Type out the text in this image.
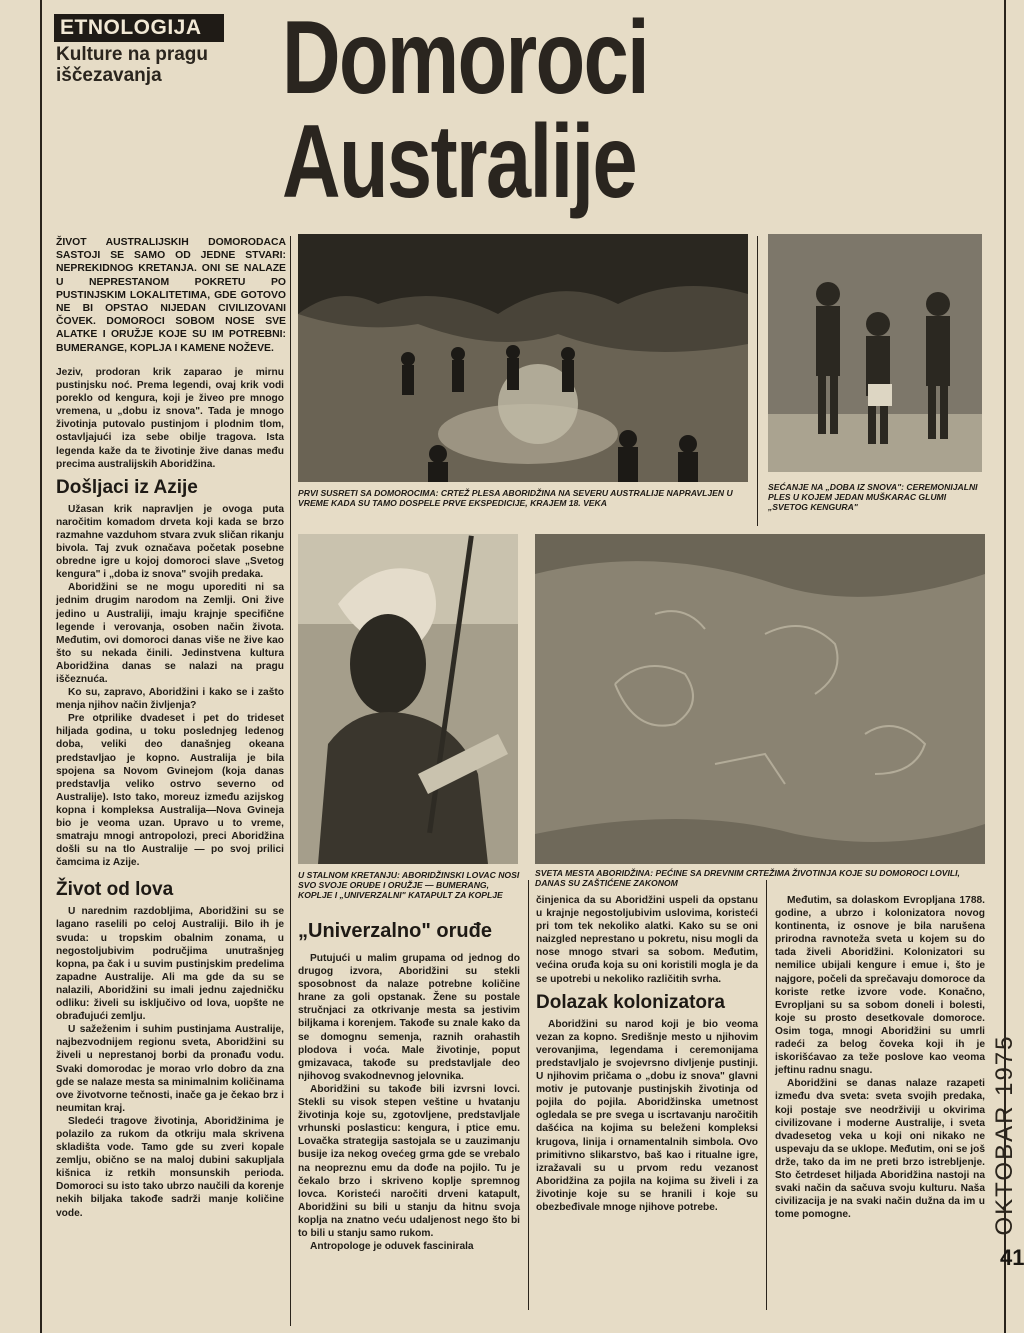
ETNOLOGIJA
Kulture na pragu iščezavanja	Domoroci
Australije
ŽIVOT AUSTRALIJSKIH DOMORODACA SASTOJI SE SAMO OD JEDNE STVARI: NEPREKIDNOG KRETANJA. ONI SE NALAZE U NEPRESTANOM POKRETU PO PUSTINJSKIM LOKALITETIMA, GDE GOTOVO NE BI OPSTAO NIJEDAN CIVILIZOVANI ČOVEK. DOMOROCI SOBOM NOSE SVE ALATKE I ORUŽJE KOJE SU IM POTREBNI: BUMERANGE, KOPLJA I KAMENE NOŽEVE.

Jeziv, prodoran krik zaparao je mirnu pustinjsku noć. Prema legendi, ovaj krik vodi poreklo od kengura, koji je živeo pre mnogo vremena, u „dobu iz snova". Tada je mnogo životinja putovalo pustinjom i plodnim tlom, ostavljajući iza sebe obilje tragova. Ista legenda kaže da te životinje žive danas među precima australijskih Aboridžina.

Došljaci iz Azije

Užasan krik napravljen je ovoga puta naročitim komadom drveta koji kada se brzo razmahne vazduhom stvara zvuk sličan rikanju bivola. Taj zvuk označava početak posebne obredne igre u kojoj domoroci slave „Svetog kengura" i „doba iz snova" svojih predaka.

Aboridžini se ne mogu uporediti ni sa jednim drugim narodom na Zemlji. Oni žive jedino u Australiji, imaju krajnje specifične legende i verovanja, osoben način života. Međutim, ovi domoroci danas više ne žive kao što su nekada činili. Jedinstvena kultura Aboridžina danas se nalazi na pragu iščeznuća.

Ko su, zapravo, Aboridžini i kako se i zašto menja njihov način življenja?

Pre otprilike dvadeset i pet do trideset hiljada godina, u toku poslednjeg ledenog doba, veliki deo današnjeg okeana predstavljao je kopno. Australija je bila spojena sa Novom Gvinejom (koja danas predstavlja veliko ostrvo severno od Australije). Isto tako, moreuz između azijskog kopna i kompleksa Australija—Nova Gvineja bio je veoma uzan. Upravo u to vreme, smatraju mnogi antropolozi, preci Aboridžina došli su na tlo Australije — po svoj prilici čamcima iz Azije.

Život od lova

U narednim razdobljima, Aboridžini su se lagano raselili po celoj Australiji. Bilo ih je svuda: u tropskim obalnim zonama, u negostoljubivim područjima unutrašnjeg kopna, pa čak i u suvim pustinjskim predelima zapadne Australije. Ali ma gde da su se nalazili, Aboridžini su imali jednu zajedničku odliku: živeli su isključivo od lova, uopšte ne obrađujući zemlju.

U sažeženim i suhim pustinjama Australije, najbezvodnijem regionu sveta, Aboridžini su živeli u neprestanoj borbi da pronađu vodu. Svaki domorodac je morao vrlo dobro da zna gde se nalaze mesta sa minimalnim količinama ove životvorne tečnosti, inače ga je čekao brz i neumitan kraj.

Sledeći tragove životinja, Aboridžinima je polazilo za rukom da otkriju mala skrivena skladišta vode. Tamo gde su zveri kopale zemlju, obično se na maloj dubini sakupljala kišnica iz retkih monsunskih perioda. Domoroci su isto tako ubrzo naučili da korenje nekih biljaka takođe sadrži manje količine vode.

PRVI SUSRETI SA DOMOROCIMA: CRTEŽ PLESA ABORIDŽINA NA SEVERU AUSTRALIJE NAPRAVLJEN U VREME KADA SU TAMO DOSPELE PRVE EKSPEDICIJE, KRAJEM 18. VEKA
SEĆANJE NA „DOBA IZ SNOVA": CEREMONIJALNI PLES U KOJEM JEDAN MUŠKARAC GLUMI „SVETOG KENGURA"
U STALNOM KRETANJU: ABORIDŽINSKI LOVAC NOSI SVO SVOJE ORUĐE I ORUŽJE — BUMERANG, KOPLJE I „UNIVERZALNI" KATAPULT ZA KOPLJE
SVETA MESTA ABORIDŽINA: PEĆINE SA DREVNIM CRTEŽIMA ŽIVOTINJA KOJE SU DOMOROCI LOVILI, DANAS SU ZAŠTIĆENE ZAKONOM
„Univerzalno" oruđe

Putujući u malim grupama od jednog do drugog izvora, Aboridžini su stekli sposobnost da nalaze potrebne količine hrane za goli opstanak. Žene su postale stručnjaci za otkrivanje mesta sa jestivim biljkama i korenjem. Takođe su znale kako da se domognu semenja, raznih orahastih plodova i voća. Male životinje, poput gmizavaca, takođe su predstavljale deo njihovog svakodnevnog jelovnika.

Aboridžini su takođe bili izvrsni lovci. Stekli su visok stepen veštine u hvatanju životinja koje su, zgotovljene, predstavljale vrhunski poslasticu: kengura, i ptice emu. Lovačka strategija sastojala se u zauzimanju busije iza nekog ovećeg grma gde se vrebalo na neopreznu emu da dođe na pojilo. Tu je čekalo brzo i skriveno koplje spremnog lovca. Koristeći naročiti drveni katapult, Aboridžini su bili u stanju da hitnu svoja koplja na znatno veću udaljenost nego što bi to bili u stanju samo rukom.

Antropologe je oduvek fascinirala

činjenica da su Aboridžini uspeli da opstanu u krajnje negostoljubivim uslovima, koristeći pri tom tek nekoliko alatki. Kako su se oni naizgled neprestano u pokretu, nisu mogli da nose mnogo stvari sa sobom. Međutim, većina oruđa koja su oni koristili mogla je da se upotrebi u nekoliko različitih svrha.

Dolazak kolonizatora

Aboridžini su narod koji je bio veoma vezan za kopno. Središnje mesto u njihovim verovanjima, legendama i ceremonijama predstavljalo je svojevrsno divljenje pustinji. U njihovim pričama o „dobu iz snova" glavni motiv je putovanje pustinjskih životinja od pojila do pojila. Aboridžinska umetnost ogledala se pre svega u iscrtavanju naročitih dašćica na kojima su beleženi kompleksi krugova, linija i ornamentalnih simbola. Ovo primitivno slikarstvo, baš kao i ritualne igre, izražavali su u prvom redu vezanost Aboridžina za pojila na kojima su živeli i za životinje koje su se hranili i koje su obezbeđivale mnoge njihove potrebe.

Međutim, sa dolaskom Evropljana 1788. godine, a ubrzo i kolonizatora novog kontinenta, iz osnove je bila narušena prirodna ravnoteža sveta u kojem su do tada živeli Aboridžini. Kolonizatori su nemilice ubijali kengure i emue i, što je najgore, počeli da sprečavaju domoroce da koriste retke izvore vode. Konačno, Evropljani su sa sobom doneli i bolesti, koje su prosto desetkovale domoroce. Osim toga, mnogi Aboridžini su umrli radeći za belog čoveka koji ih je iskorišćavao za teže poslove kao veoma jeftinu radnu snagu.

Aboridžini se danas nalaze razapeti između dva sveta: sveta svojih predaka, koji postaje sve neodrživiji u okvirima civilizovane i moderne Australije, i sveta dvadesetog veka u koji oni nikako ne uspevaju da se uklope. Međutim, oni se još drže, tako da im ne preti brzo istrebljenje. Sto četrdeset hiljada Aboridžina nastoji na svaki način da sačuva svoju kulturu. Naša civilizacija je na svaki način dužna da im u tome pomogne.	OKTOBAR 1975
41
